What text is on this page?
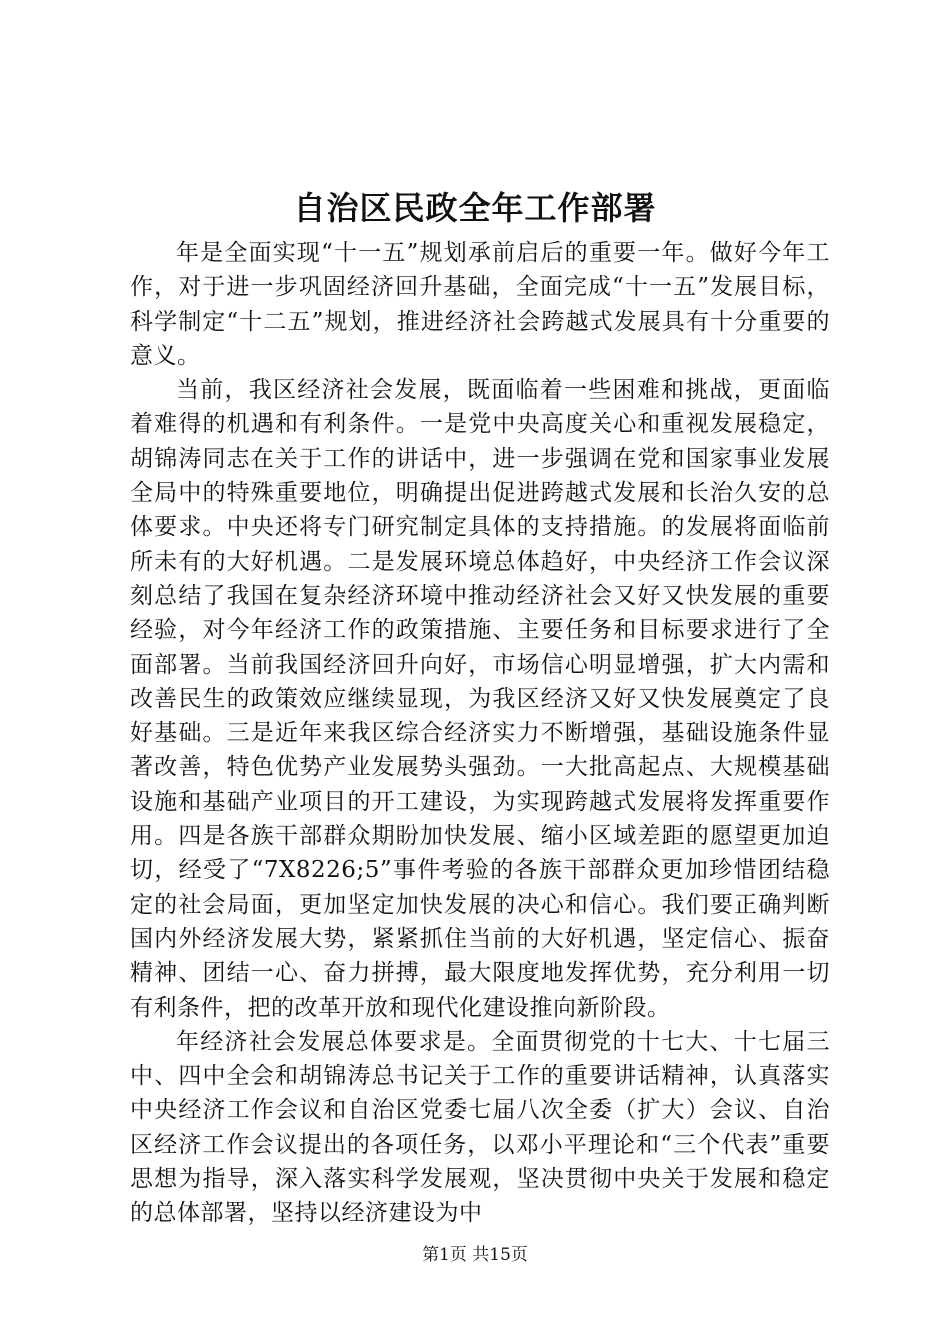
自治区民政全年工作部署

年是全面实现“十一五”规划承前启后的重要一年。做好今年工作，对于进一步巩固经济回升基础，全面完成“十一五”发展目标，科学制定“十二五”规划，推进经济社会跨越式发展具有十分重要的意义。

当前，我区经济社会发展，既面临着一些困难和挑战，更面临着难得的机遇和有利条件。一是党中央高度关心和重视发展稳定，胡锦涛同志在关于工作的讲话中，进一步强调在党和国家事业发展全局中的特殊重要地位，明确提出促进跨越式发展和长治久安的总体要求。中央还将专门研究制定具体的支持措施。的发展将面临前所未有的大好机遇。二是发展环境总体趋好，中央经济工作会议深刻总结了我国在复杂经济环境中推动经济社会又好又快发展的重要经验，对今年经济工作的政策措施、主要任务和目标要求进行了全面部署。当前我国经济回升向好，市场信心明显增强，扩大内需和改善民生的政策效应继续显现，为我区经济又好又快发展奠定了良好基础。三是近年来我区综合经济实力不断增强，基础设施条件显著改善，特色优势产业发展势头强劲。一大批高起点、大规模基础设施和基础产业项目的开工建设，为实现跨越式发展将发挥重要作用。四是各族干部群众期盼加快发展、缩小区域差距的愿望更加迫切，经受了“7X8226;5”事件考验的各族干部群众更加珍惜团结稳定的社会局面，更加坚定加快发展的决心和信心。我们要正确判断国内外经济发展大势，紧紧抓住当前的大好机遇，坚定信心、振奋精神、团结一心、奋力拼搏，最大限度地发挥优势，充分利用一切有利条件，把的改革开放和现代化建设推向新阶段。

年经济社会发展总体要求是。全面贯彻党的十七大、十七届三中、四中全会和胡锦涛总书记关于工作的重要讲话精神，认真落实中央经济工作会议和自治区党委七届八次全委（扩大）会议、自治区经济工作会议提出的各项任务，以邓小平理论和“三个代表”重要思想为指导，深入落实科学发展观，坚决贯彻中央关于发展和稳定的总体部署，坚持以经济建设为中

第1页 共15页
